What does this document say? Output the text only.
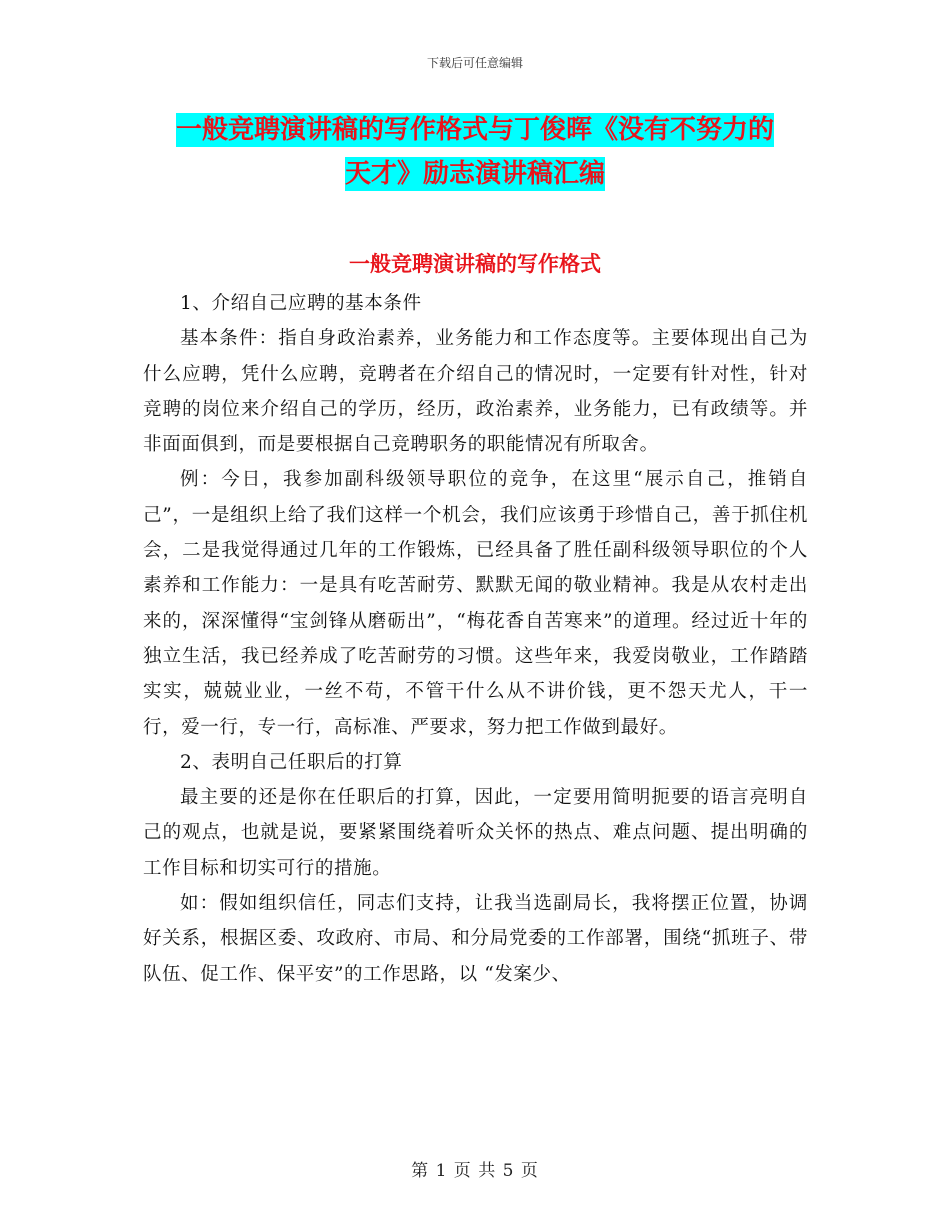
下载后可任意编辑
一般竞聘演讲稿的写作格式与丁俊晖《没有不努力的
天才》励志演讲稿汇编
一般竞聘演讲稿的写作格式

1、介绍自己应聘的基本条件

基本条件：指自身政治素养，业务能力和工作态度等。主要体现出自己为什么应聘，凭什么应聘，竞聘者在介绍自己的情况时，一定要有针对性，针对竞聘的岗位来介绍自己的学历，经历，政治素养，业务能力，已有政绩等。并非面面俱到，而是要根据自己竞聘职务的职能情况有所取舍。

例：今日，我参加副科级领导职位的竞争，在这里“展示自己，推销自己”，一是组织上给了我们这样一个机会，我们应该勇于珍惜自己，善于抓住机会，二是我觉得通过几年的工作锻炼，已经具备了胜任副科级领导职位的个人素养和工作能力：一是具有吃苦耐劳、默默无闻的敬业精神。我是从农村走出来的，深深懂得“宝剑锋从磨砺出”，“梅花香自苦寒来”的道理。经过近十年的独立生活，我已经养成了吃苦耐劳的习惯。这些年来，我爱岗敬业，工作踏踏实实，兢兢业业，一丝不苟，不管干什么从不讲价钱，更不怨天尤人，干一行，爱一行，专一行，高标准、严要求，努力把工作做到最好。

2、表明自己任职后的打算

最主要的还是你在任职后的打算，因此，一定要用简明扼要的语言亮明自己的观点，也就是说，要紧紧围绕着听众关怀的热点、难点问题、提出明确的工作目标和切实可行的措施。

如：假如组织信任，同志们支持，让我当选副局长，我将摆正位置，协调好关系，根据区委、攻政府、市局、和分局党委的工作部署，围绕“抓班子、带队伍、促工作、保平安”的工作思路，以 “发案少、

第 1 页 共 5 页
